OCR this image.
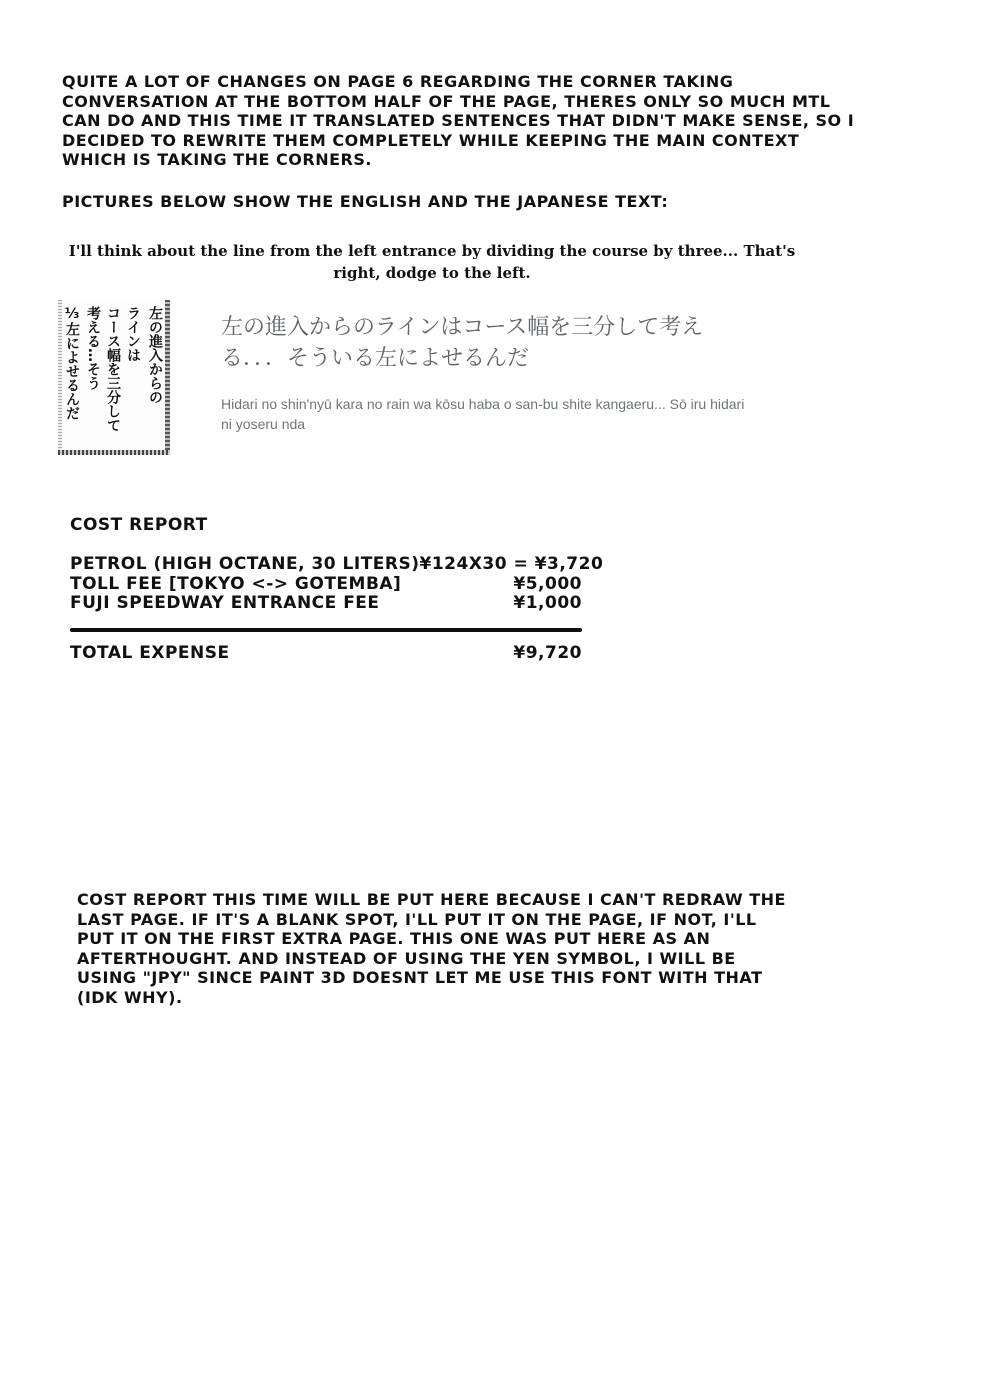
QUITE A LOT OF CHANGES ON PAGE 6 REGARDING THE CORNER TAKING CONVERSATION AT THE BOTTOM HALF OF THE PAGE, THERES ONLY SO MUCH MTL CAN DO AND THIS TIME IT TRANSLATED SENTENCES THAT DIDN'T MAKE SENSE, SO I DECIDED TO REWRITE THEM COMPLETELY WHILE KEEPING THE MAIN CONTEXT WHICH IS TAKING THE CORNERS.

PICTURES BELOW SHOW THE ENGLISH AND THE JAPANESE TEXT:

I'll think about the line from the left entrance by dividing the course by three... That's right, dodge to the left.

左の進入からの
ラインは
コース幅を三分して
考える…そう
⅓左によせるんだ	左の進入からのラインはコース幅を三分して考える．．．そういる左によせるんだ

Hidari no shin'nyū kara no rain wa kōsu haba o san-bu shite kangaeru... Sō iru hidari ni yoseru nda

COST REPORT

PETROL (HIGH OCTANE, 30 LITERS) ¥124X30 = ¥3,720
TOLL FEE [TOKYO <-> GOTEMBA]	¥5,000
FUJI SPEEDWAY ENTRANCE FEE	¥1,000
TOTAL EXPENSE	¥9,720

COST REPORT THIS TIME WILL BE PUT HERE BECAUSE I CAN'T REDRAW THE LAST PAGE. IF IT'S A BLANK SPOT, I'LL PUT IT ON THE PAGE, IF NOT, I'LL PUT IT ON THE FIRST EXTRA PAGE. THIS ONE WAS PUT HERE AS AN AFTERTHOUGHT. AND INSTEAD OF USING THE YEN SYMBOL, I WILL BE USING "JPY" SINCE PAINT 3D DOESNT LET ME USE THIS FONT WITH THAT (IDK WHY).
